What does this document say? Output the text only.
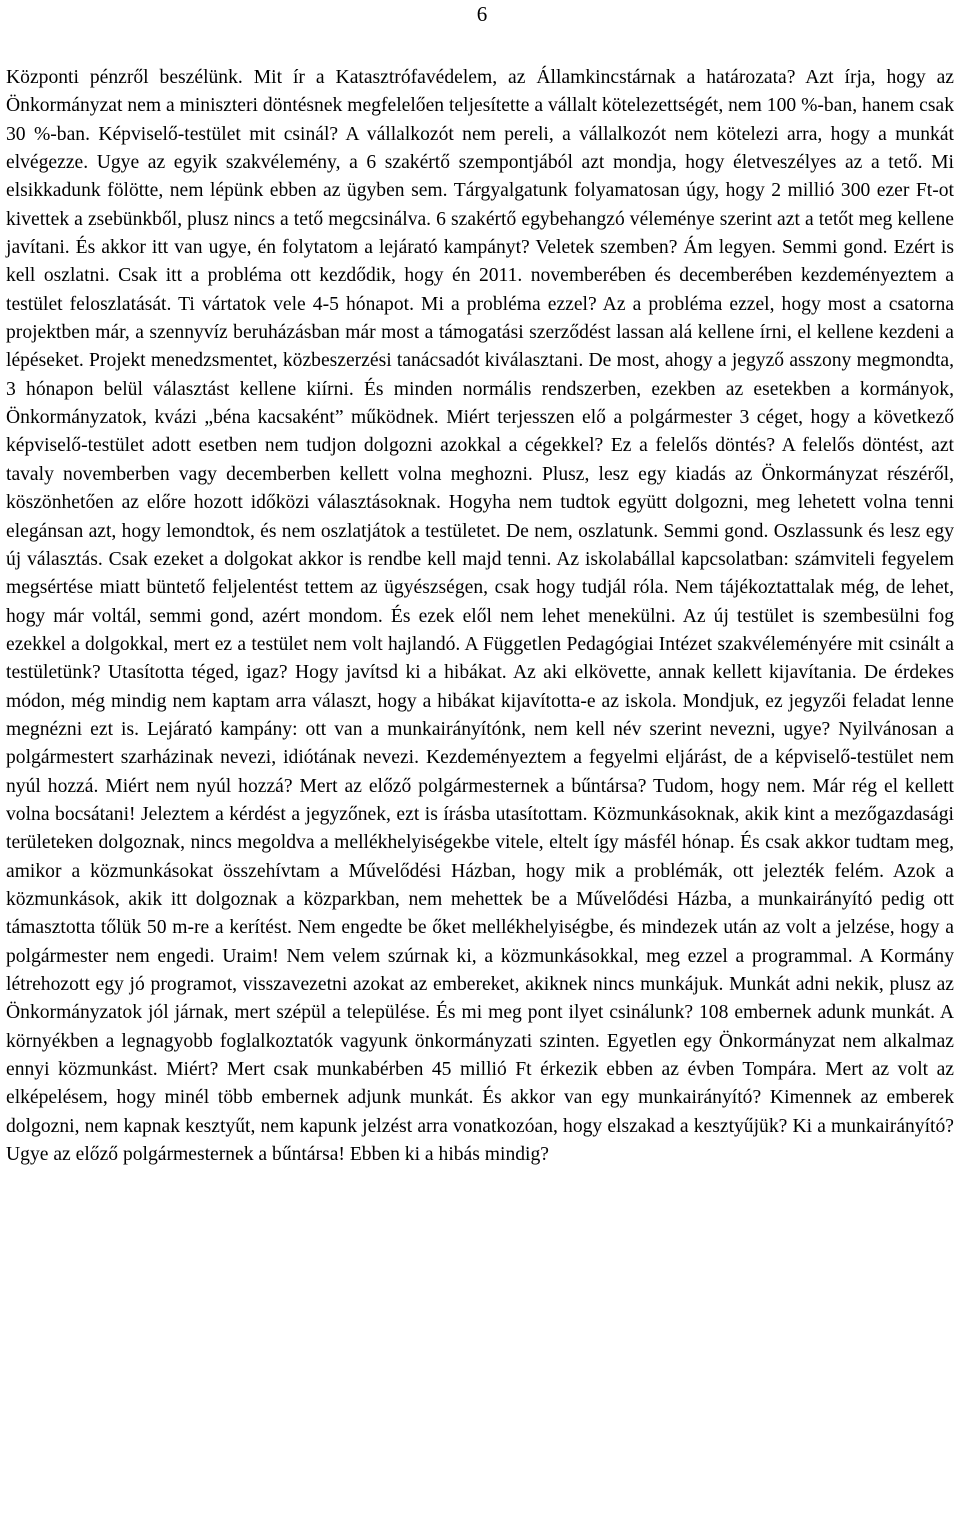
6

Központi pénzről beszélünk. Mit ír a Katasztrófavédelem, az Államkincstárnak a határozata? Azt írja, hogy az Önkormányzat nem a miniszteri döntésnek megfelelően teljesítette a vállalt kötelezettségét, nem 100 %-ban, hanem csak 30 %-ban. Képviselő-testület mit csinál? A vállalkozót nem pereli, a vállalkozót nem kötelezi arra, hogy a munkát elvégezze. Ugye az egyik szakvélemény, a 6 szakértő szempontjából azt mondja, hogy életveszélyes az a tető. Mi elsikkadunk fölötte, nem lépünk ebben az ügyben sem. Tárgyalgatunk folyamatosan úgy, hogy 2 millió 300 ezer Ft-ot kivettek a zsebünkből, plusz nincs a tető megcsinálva. 6 szakértő egybehangzó véleménye szerint azt a tetőt meg kellene javítani. És akkor itt van ugye, én folytatom a lejárató kampányt? Veletek szemben? Ám legyen. Semmi gond. Ezért is kell oszlatni. Csak itt a probléma ott kezdődik, hogy én 2011. novemberében és decemberében kezdeményeztem a testület feloszlatását. Ti vártatok vele 4-5 hónapot. Mi a probléma ezzel? Az a probléma ezzel, hogy most a csatorna projektben már, a szennyvíz beruházásban már most a támogatási szerződést lassan alá kellene írni, el kellene kezdeni a lépéseket. Projekt menedzsmentet, közbeszerzési tanácsadót kiválasztani. De most, ahogy a jegyző asszony megmondta, 3 hónapon belül választást kellene kiírni. És minden normális rendszerben, ezekben az esetekben a kormányok, Önkormányzatok, kvázi „béna kacsaként” működnek. Miért terjesszen elő a polgármester 3 céget, hogy a következő képviselő-testület adott esetben nem tudjon dolgozni azokkal a cégekkel? Ez a felelős döntés? A felelős döntést, azt tavaly novemberben vagy decemberben kellett volna meghozni. Plusz, lesz egy kiadás az Önkormányzat részéről, köszönhetően az előre hozott időközi választásoknak. Hogyha nem tudtok együtt dolgozni, meg lehetett volna tenni elegánsan azt, hogy lemondtok, és nem oszlatjátok a testületet. De nem, oszlatunk. Semmi gond. Oszlassunk és lesz egy új választás. Csak ezeket a dolgokat akkor is rendbe kell majd tenni. Az iskolabállal kapcsolatban: számviteli fegyelem megsértése miatt büntető feljelentést tettem az ügyészségen, csak hogy tudjál róla. Nem tájékoztattalak még, de lehet, hogy már voltál, semmi gond, azért mondom. És ezek elől nem lehet menekülni. Az új testület is szembesülni fog ezekkel a dolgokkal, mert ez a testület nem volt hajlandó. A Független Pedagógiai Intézet szakvéleményére mit csinált a testületünk? Utasította téged, igaz? Hogy javítsd ki a hibákat. Az aki elkövette, annak kellett kijavítania. De érdekes módon, még mindig nem kaptam arra választ, hogy a hibákat kijavította-e az iskola. Mondjuk, ez jegyzői feladat lenne megnézni ezt is. Lejárató kampány: ott van a munkairányítónk, nem kell név szerint nevezni, ugye? Nyilvánosan a polgármestert szarházinak nevezi, idiótának nevezi. Kezdeményeztem a fegyelmi eljárást, de a képviselő-testület nem nyúl hozzá. Miért nem nyúl hozzá? Mert az előző polgármesternek a bűntársa? Tudom, hogy nem. Már rég el kellett volna bocsátani! Jeleztem a kérdést a jegyzőnek, ezt is írásba utasítottam. Közmunkásoknak, akik kint a mezőgazdasági területeken dolgoznak, nincs megoldva a mellékhelyiségekbe vitele, eltelt így másfél hónap. És csak akkor tudtam meg, amikor a közmunkásokat összehívtam a Művelődési Házban, hogy mik a problémák, ott jelezték felém. Azok a közmunkások, akik itt dolgoznak a közparkban, nem mehettek be a Művelődési Házba, a munkairányító pedig ott támasztotta tőlük 50 m-re a kerítést. Nem engedte be őket mellékhelyiségbe, és mindezek után az volt a jelzése, hogy a polgármester nem engedi. Uraim! Nem velem szúrnak ki, a közmunkásokkal, meg ezzel a programmal. A Kormány létrehozott egy jó programot, visszavezetni azokat az embereket, akiknek nincs munkájuk. Munkát adni nekik, plusz az Önkormányzatok jól járnak, mert szépül a települése. És mi meg pont ilyet csinálunk? 108 embernek adunk munkát. A környékben a legnagyobb foglalkoztatók vagyunk önkormányzati szinten. Egyetlen egy Önkormányzat nem alkalmaz ennyi közmunkást. Miért? Mert csak munkabérben 45 millió Ft érkezik ebben az évben Tompára. Mert az volt az elképelésem, hogy minél több embernek adjunk munkát. És akkor van egy munkairányító? Kimennek az emberek dolgozni, nem kapnak kesztyűt, nem kapunk jelzést arra vonatkozóan, hogy elszakad a kesztyűjük? Ki a munkairányító? Ugye az előző polgármesternek a bűntársa! Ebben ki a hibás mindig?
